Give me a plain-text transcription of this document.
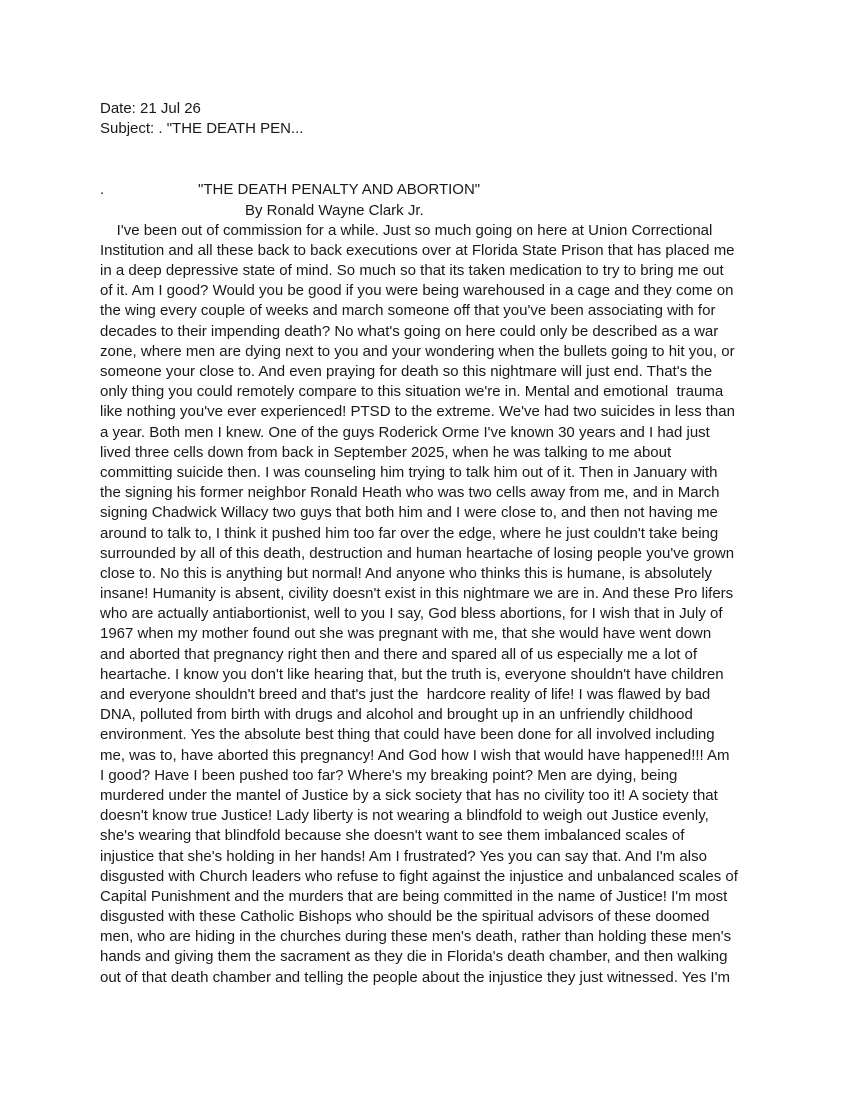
Date: 21 Jul 26
Subject: . "THE DEATH PEN...

.

	"THE DEATH PENALTY AND ABORTION"

By Ronald Wayne Clark Jr.
I've been out of commission for a while. Just so much going on here at Union Correctional
Institution and all these back to back executions over at Florida State Prison that has placed me
in a deep depressive state of mind. So much so that its taken medication to try to bring me out
of it. Am I good? Would you be good if you were being warehoused in a cage and they come on
the wing every couple of weeks and march someone off that you've been associating with for
decades to their impending death? No what's going on here could only be described as a war
zone, where men are dying next to you and your wondering when the bullets going to hit you, or
someone your close to. And even praying for death so this nightmare will just end. That's the
only thing you could remotely compare to this situation we're in. Mental and emotional  trauma
like nothing you've ever experienced! PTSD to the extreme. We've had two suicides in less than
a year. Both men I knew. One of the guys Roderick Orme I've known 30 years and I had just
lived three cells down from back in September 2025, when he was talking to me about
committing suicide then. I was counseling him trying to talk him out of it. Then in January with
the signing his former neighbor Ronald Heath who was two cells away from me, and in March
signing Chadwick Willacy two guys that both him and I were close to, and then not having me
around to talk to, I think it pushed him too far over the edge, where he just couldn't take being
surrounded by all of this death, destruction and human heartache of losing people you've grown
close to. No this is anything but normal! And anyone who thinks this is humane, is absolutely
insane! Humanity is absent, civility doesn't exist in this nightmare we are in. And these Pro lifers
who are actually antiabortionist, well to you I say, God bless abortions, for I wish that in July of
1967 when my mother found out she was pregnant with me, that she would have went down
and aborted that pregnancy right then and there and spared all of us especially me a lot of
heartache. I know you don't like hearing that, but the truth is, everyone shouldn't have children
and everyone shouldn't breed and that's just the  hardcore reality of life! I was flawed by bad
DNA, polluted from birth with drugs and alcohol and brought up in an unfriendly childhood
environment. Yes the absolute best thing that could have been done for all involved including
me, was to, have aborted this pregnancy! And God how I wish that would have happened!!! Am
I good? Have I been pushed too far? Where's my breaking point? Men are dying, being
murdered under the mantel of Justice by a sick society that has no civility too it! A society that
doesn't know true Justice! Lady liberty is not wearing a blindfold to weigh out Justice evenly,
she's wearing that blindfold because she doesn't want to see them imbalanced scales of
injustice that she's holding in her hands! Am I frustrated? Yes you can say that. And I'm also
disgusted with Church leaders who refuse to fight against the injustice and unbalanced scales of
Capital Punishment and the murders that are being committed in the name of Justice! I'm most
disgusted with these Catholic Bishops who should be the spiritual advisors of these doomed
men, who are hiding in the churches during these men's death, rather than holding these men's
hands and giving them the sacrament as they die in Florida's death chamber, and then walking
out of that death chamber and telling the people about the injustice they just witnessed. Yes I'm
